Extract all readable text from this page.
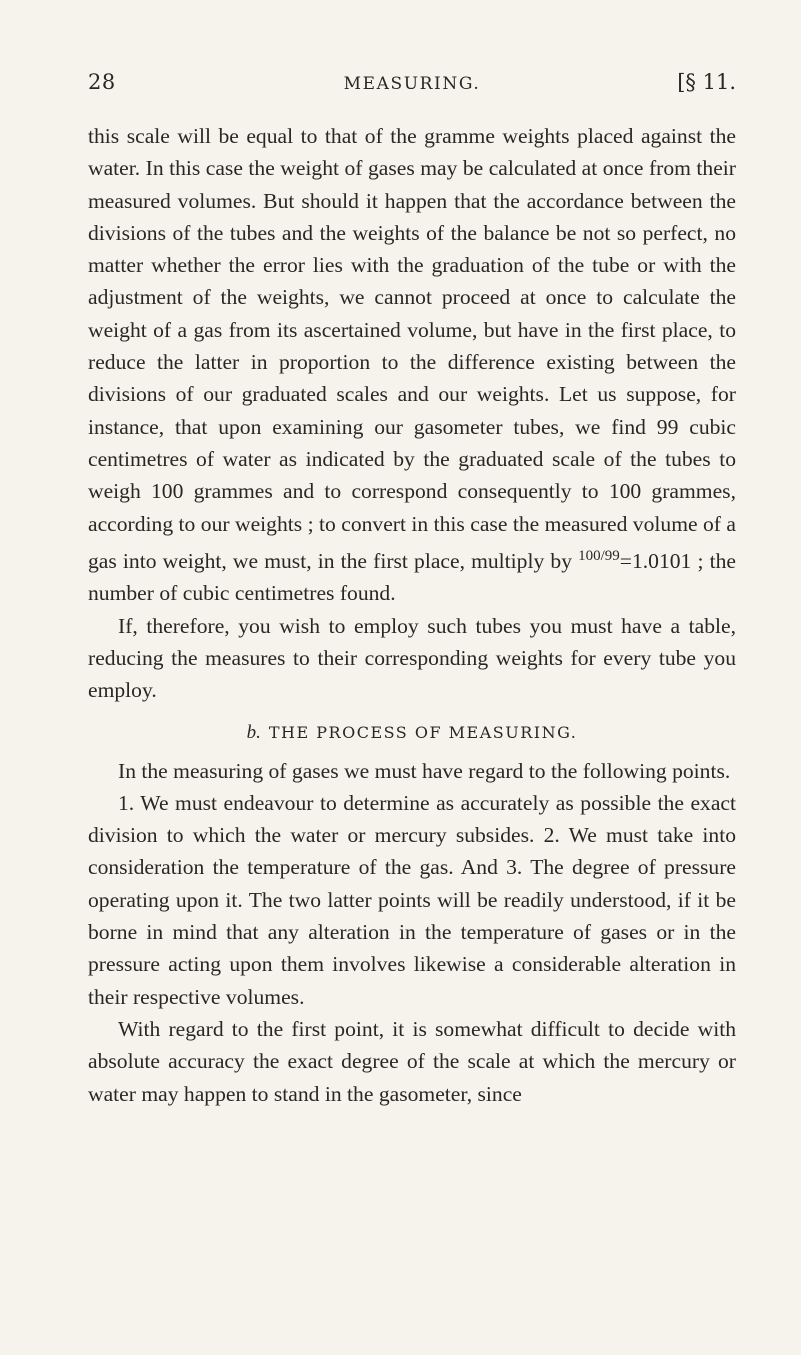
28	MEASURING.	[§ 11.

this scale will be equal to that of the gramme weights placed against the water. In this case the weight of gases may be calculated at once from their measured volumes. But should it happen that the accordance between the divisions of the tubes and the weights of the balance be not so perfect, no matter whether the error lies with the graduation of the tube or with the adjustment of the weights, we cannot proceed at once to calculate the weight of a gas from its ascertained volume, but have in the first place, to reduce the latter in proportion to the difference existing between the divisions of our graduated scales and our weights. Let us suppose, for instance, that upon examining our gasometer tubes, we find 99 cubic centimetres of water as indicated by the graduated scale of the tubes to weigh 100 grammes and to correspond consequently to 100 grammes, according to our weights ; to convert in this case the measured volume of a gas into weight, we must, in the first place, multiply by $^{100/99}$=1.0101 ; the number of cubic centimetres found.

If, therefore, you wish to employ such tubes you must have a table, reducing the measures to their corresponding weights for every tube you employ.

b. THE PROCESS OF MEASURING.

In the measuring of gases we must have regard to the following points.

1. We must endeavour to determine as accurately as possible the exact division to which the water or mercury subsides. 2. We must take into consideration the temperature of the gas. And 3. The degree of pressure operating upon it. The two latter points will be readily understood, if it be borne in mind that any alteration in the temperature of gases or in the pressure acting upon them involves likewise a considerable alteration in their respective volumes.

With regard to the first point, it is somewhat difficult to decide with absolute accuracy the exact degree of the scale at which the mercury or water may happen to stand in the gasometer, since
